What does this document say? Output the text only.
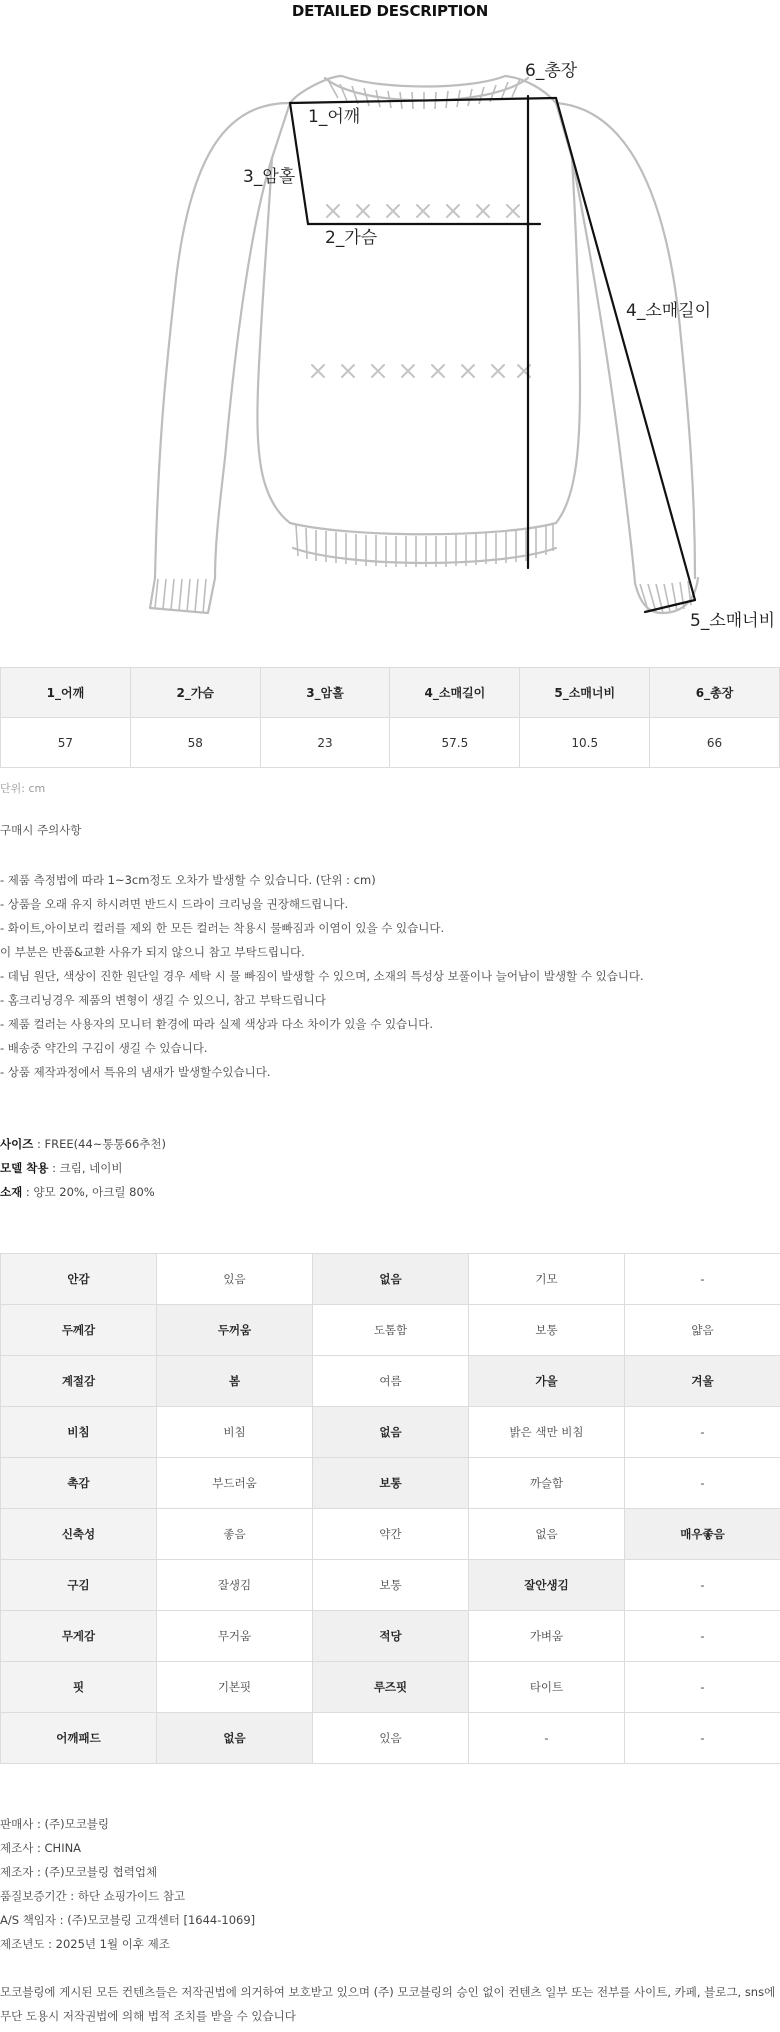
DETAILED DESCRIPTION
1_어깨
2_가슴
3_암홀
4_소매길이
5_소매너비
6_총장
1_어깨	2_가슴	3_암홀	4_소매길이	5_소매너비	6_총장
57	58	23	57.5	10.5	66
단위: cm
구매시 주의사항
- 제품 측정법에 따라 1~3cm정도 오차가 발생할 수 있습니다. (단위 : cm)
- 상품을 오래 유지 하시려면 반드시 드라이 크리닝을 권장해드립니다.
- 화이트,아이보리 컬러를 제외 한 모든 컬러는 착용시 물빠짐과 이염이 있을 수 있습니다.
이 부분은 반품&교환 사유가 되지 않으니 참고 부탁드립니다.
- 데님 원단, 색상이 진한 원단일 경우 세탁 시 물 빠짐이 발생할 수 있으며, 소재의 특성상 보풀이나 늘어남이 발생할 수 있습니다.
- 홈크리닝경우 제품의 변형이 생길 수 있으니, 참고 부탁드립니다
- 제품 컬러는 사용자의 모니터 환경에 따라 실제 색상과 다소 차이가 있을 수 있습니다.
- 배송중 약간의 구김이 생길 수 있습니다.
- 상품 제작과정에서 특유의 냄새가 발생할수있습니다.
사이즈 : FREE(44~통통66추천)
모델 착용 : 크림, 네이비
소재 : 양모 20%, 아크릴 80%
안감	있음	없음	기모	-
두께감	두꺼움	도톰함	보통	얇음
계절감	봄	여름	가을	겨울
비침	비침	없음	밝은 색만 비침	-
촉감	부드러움	보통	까슬함	-
신축성	좋음	약간	없음	매우좋음
구김	잘생김	보통	잘안생김	-
무게감	무거움	적당	가벼움	-
핏	기본핏	루즈핏	타이트	-
어깨패드	없음	있음	-	-
판매사 : (주)모코블링
제조사 : CHINA
제조자 : (주)모코블링 협력업체
품질보증기간 : 하단 쇼핑가이드 참고
A/S 책임자 : (주)모코블링 고객센터 [1644-1069]
제조년도 : 2025년 1월 이후 제조
모코블링에 게시된 모든 컨텐츠들은 저작권법에 의거하여 보호받고 있으며 (주) 모코블링의 승인 없이 컨텐츠 일부 또는 전부를 사이트, 카페, 블로그, sns에 무단 도용시 저작권법에 의해 법적 조치를 받을 수 있습니다
